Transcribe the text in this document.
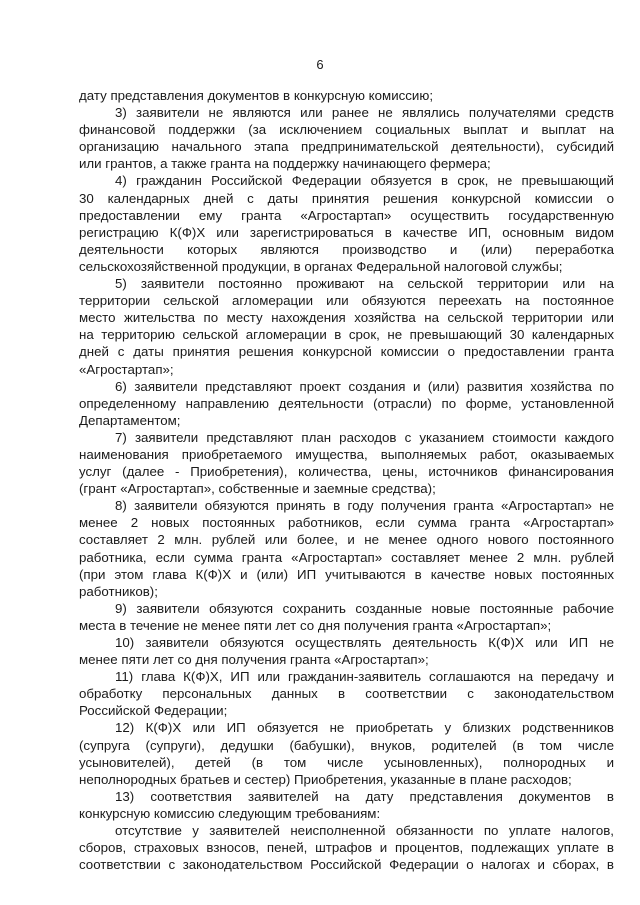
6
дату представления документов в конкурсную комиссию;
3) заявители не являются или ранее не являлись получателями средств
финансовой поддержки (за исключением социальных выплат и выплат на
организацию начального этапа предпринимательской деятельности), субсидий
или грантов, а также гранта на поддержку начинающего фермера;
4) гражданин Российской Федерации обязуется в срок, не превышающий
30 календарных дней с даты принятия решения конкурсной комиссии о
предоставлении ему гранта «Агростартап» осуществить государственную
регистрацию К(Ф)Х или зарегистрироваться в качестве ИП, основным видом
деятельности которых являются производство и (или) переработка
сельскохозяйственной продукции, в органах Федеральной налоговой службы;
5) заявители постоянно проживают на сельской территории или на
территории сельской агломерации или обязуются переехать на постоянное
место жительства по месту нахождения хозяйства на сельской территории или
на территорию сельской агломерации в срок, не превышающий 30 календарных
дней с даты принятия решения конкурсной комиссии о предоставлении гранта
«Агростартап»;
6) заявители представляют проект создания и (или) развития хозяйства по
определенному направлению деятельности (отрасли) по форме, установленной
Департаментом;
7) заявители представляют план расходов с указанием стоимости каждого
наименования приобретаемого имущества, выполняемых работ, оказываемых
услуг (далее - Приобретения), количества, цены, источников финансирования
(грант «Агростартап», собственные и заемные средства);
8) заявители обязуются принять в году получения гранта «Агростартап» не
менее 2 новых постоянных работников, если сумма гранта «Агростартап»
составляет 2 млн. рублей или более, и не менее одного нового постоянного
работника, если сумма гранта «Агростартап» составляет менее 2 млн. рублей
(при этом глава К(Ф)Х и (или) ИП учитываются в качестве новых постоянных
работников);
9) заявители обязуются сохранить созданные новые постоянные рабочие
места в течение не менее пяти лет со дня получения гранта «Агростартап»;
10) заявители обязуются осуществлять деятельность К(Ф)Х или ИП не
менее пяти лет со дня получения гранта «Агростартап»;
11) глава К(Ф)Х, ИП или гражданин-заявитель соглашаются на передачу и
обработку персональных данных в соответствии с законодательством
Российской Федерации;
12) К(Ф)Х или ИП обязуется не приобретать у близких родственников
(супруга (супруги), дедушки (бабушки), внуков, родителей (в том числе
усыновителей), детей (в том числе усыновленных), полнородных и
неполнородных братьев и сестер) Приобретения, указанные в плане расходов;
13) соответствия заявителей на дату представления документов в
конкурсную комиссию следующим требованиям:
отсутствие у заявителей неисполненной обязанности по уплате налогов,
сборов, страховых взносов, пеней, штрафов и процентов, подлежащих уплате в
соответствии с законодательством Российской Федерации о налогах и сборах, в
